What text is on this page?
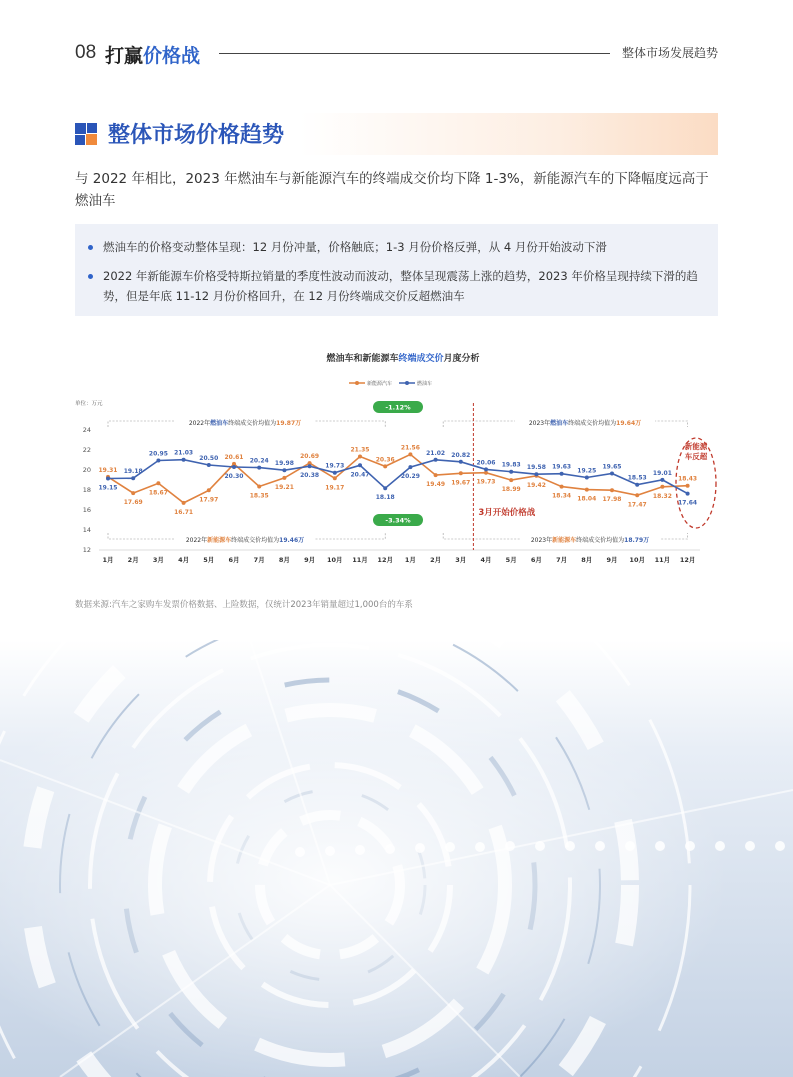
08 打赢价格战	整体市场发展趋势
整体市场价格趋势
与 2022 年相比，2023 年燃油车与新能源汽车的终端成交价均下降 1-3%，新能源汽车的下降幅度远高于燃油车
燃油车的价格变动整体呈现：12 月份冲量，价格触底；1-3 月份价格反弹，从 4 月份开始波动下滑
2022 年新能源车价格受特斯拉销量的季度性波动而波动，整体呈现震荡上涨的趋势，2023 年价格呈现持续下滑的趋势，但是年底 11-12 月份价格回升，在 12 月份终端成交价反超燃油车
燃油车和新能源车终端成交价月度分析
新能源汽车	燃油车
单位：万元
12
14
16
18
20
22
24
1月 2月 3月 4月 5月 6月 7月 8月 9月 10月 11月 12月 1月 2月 3月 4月 5月 6月 7月 8月 9月 10月 11月 12月
2022年燃油车终端成交价均值为19.87万	2023年燃油车终端成交价均值为19.64万
2022年新能源车终端成交价均值为19.46万	2023年新能源车终端成交价均值为18.79万
-1.12%
-3.34%
3月开始价格战
新能源
车反超
19.31
19.15
17.69
19.18
18.67
20.95
16.71
21.03
17.97
20.50 20.61
20.30
18.35
20.24
19.21
19.98
20.69
20.38
19.17
19.73
21.35
20.47
20.36
18.18
21.56
20.29
19.49
21.02
19.67
20.82
19.73
20.06
18.99
19.83
19.42
19.58
18.34
19.63
18.04
19.25
17.98
19.65
17.47
18.53
18.32
19.01
18.43
17.64
数据来源:汽车之家购车发票价格数据、上险数据，仅统计2023年销量超过1,000台的车系
